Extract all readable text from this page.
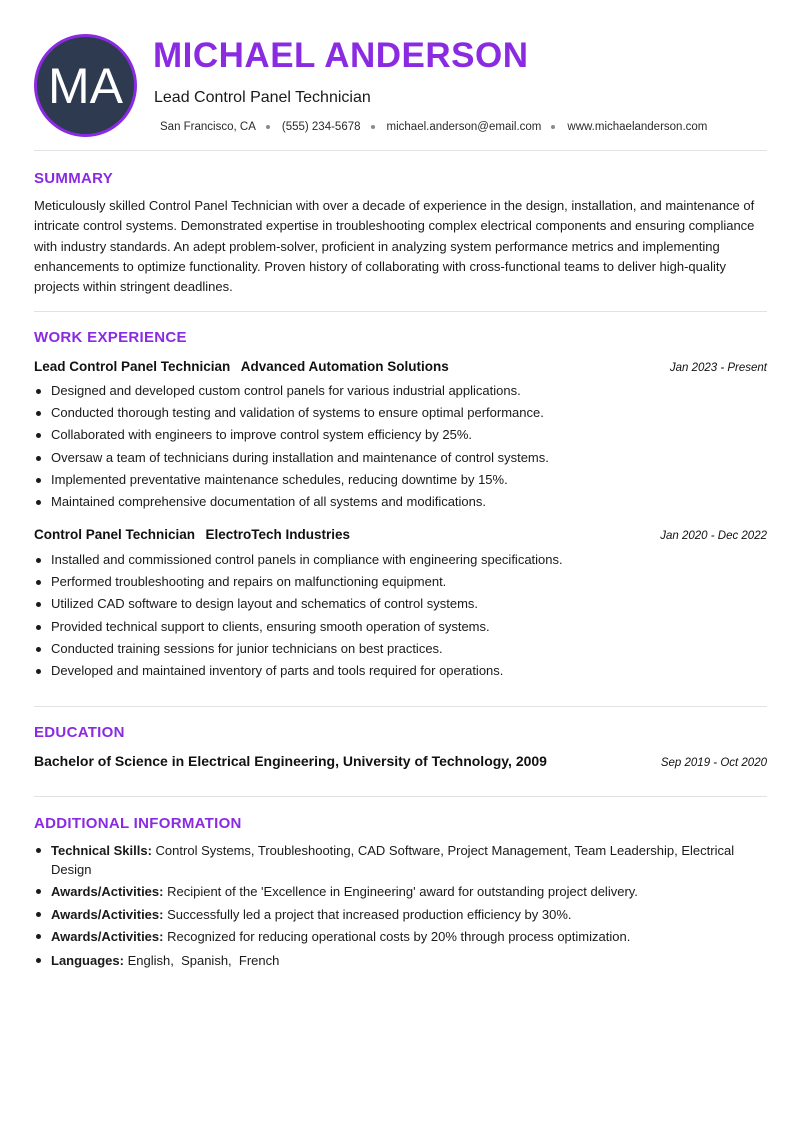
MA
MICHAEL ANDERSON
Lead Control Panel Technician
San Francisco, CA (555) 234-5678 michael.anderson@email.com www.michaelanderson.com
SUMMARY
Meticulously skilled Control Panel Technician with over a decade of experience in the design, installation, and maintenance of intricate control systems. Demonstrated expertise in troubleshooting complex electrical components and ensuring compliance with industry standards. An adept problem-solver, proficient in analyzing system performance metrics and implementing enhancements to optimize functionality. Proven history of collaborating with cross-functional teams to deliver high-quality projects within stringent deadlines.
WORK EXPERIENCE
Lead Control Panel Technician Advanced Automation Solutions	Jan 2023 - Present
Designed and developed custom control panels for various industrial applications.
Conducted thorough testing and validation of systems to ensure optimal performance.
Collaborated with engineers to improve control system efficiency by 25%.
Oversaw a team of technicians during installation and maintenance of control systems.
Implemented preventative maintenance schedules, reducing downtime by 15%.
Maintained comprehensive documentation of all systems and modifications.
Control Panel Technician ElectroTech Industries	Jan 2020 - Dec 2022
Installed and commissioned control panels in compliance with engineering specifications.
Performed troubleshooting and repairs on malfunctioning equipment.
Utilized CAD software to design layout and schematics of control systems.
Provided technical support to clients, ensuring smooth operation of systems.
Conducted training sessions for junior technicians on best practices.
Developed and maintained inventory of parts and tools required for operations.
EDUCATION
Bachelor of Science in Electrical Engineering, University of Technology, 2009	Sep 2019 - Oct 2020
ADDITIONAL INFORMATION
Technical Skills: Control Systems, Troubleshooting, CAD Software, Project Management, Team Leadership, Electrical Design
Awards/Activities: Recipient of the 'Excellence in Engineering' award for outstanding project delivery.
Awards/Activities: Successfully led a project that increased production efficiency by 30%.
Awards/Activities: Recognized for reducing operational costs by 20% through process optimization.
Languages: English,  Spanish,  French
